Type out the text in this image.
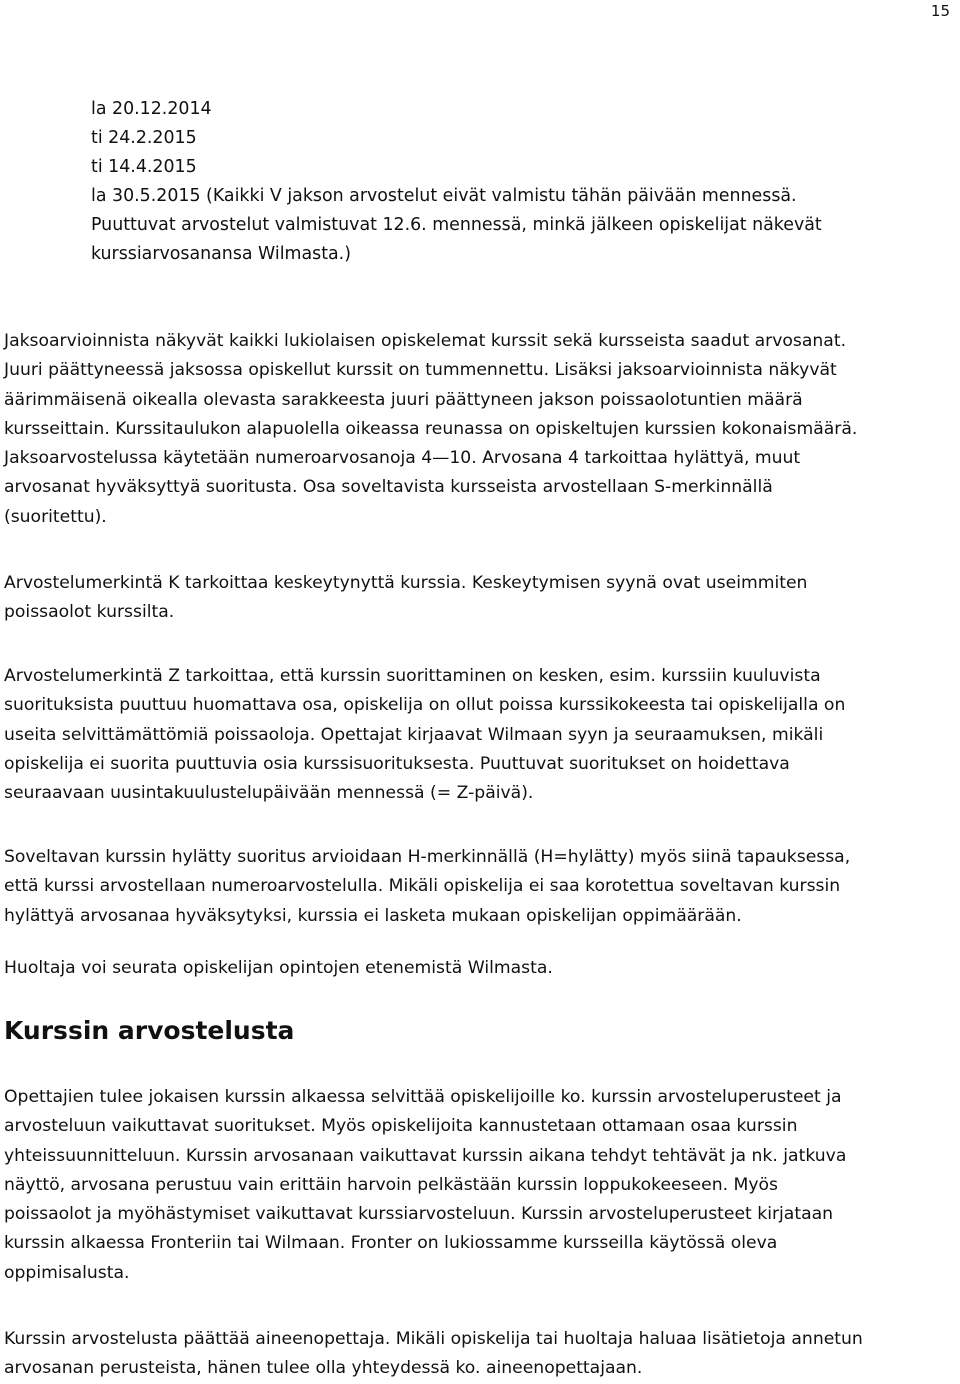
15
la 20.12.2014
ti 24.2.2015
ti 14.4.2015
la 30.5.2015 (Kaikki V jakson arvostelut eivät valmistu tähän päivään mennessä.
Puuttuvat arvostelut valmistuvat 12.6. mennessä, minkä jälkeen opiskelijat näkevät
kurssiarvosanansa Wilmasta.)
Jaksoarvioinnista näkyvät kaikki lukiolaisen opiskelemat kurssit sekä kursseista saadut arvosanat.
Juuri päättyneessä jaksossa opiskellut kurssit on tummennettu. Lisäksi jaksoarvioinnista näkyvät
äärimmäisenä oikealla olevasta sarakkeesta juuri päättyneen jakson poissaolotuntien määrä
kursseittain. Kurssitaulukon alapuolella oikeassa reunassa on opiskeltujen kurssien kokonaismäärä.
Jaksoarvostelussa käytetään numeroarvosanoja 4—10. Arvosana 4 tarkoittaa hylättyä, muut
arvosanat hyväksyttyä suoritusta. Osa soveltavista kursseista arvostellaan S-merkinnällä
(suoritettu).
Arvostelumerkintä K tarkoittaa keskeytynyttä kurssia. Keskeytymisen syynä ovat useimmiten
poissaolot kurssilta.
Arvostelumerkintä Z tarkoittaa, että kurssin suorittaminen on kesken, esim. kurssiin kuuluvista
suorituksista puuttuu huomattava osa, opiskelija on ollut poissa kurssikokeesta tai opiskelijalla on
useita selvittämättömiä poissaoloja. Opettajat kirjaavat Wilmaan syyn ja seuraamuksen, mikäli
opiskelija ei suorita puuttuvia osia kurssisuorituksesta. Puuttuvat suoritukset on hoidettava
seuraavaan uusintakuulustelupäivään mennessä (= Z-päivä).
Soveltavan kurssin hylätty suoritus arvioidaan H-merkinnällä (H=hylätty) myös siinä tapauksessa,
että kurssi arvostellaan numeroarvostelulla. Mikäli opiskelija ei saa korotettua soveltavan kurssin
hylättyä arvosanaa hyväksytyksi, kurssia ei lasketa mukaan opiskelijan oppimäärään.
Huoltaja voi seurata opiskelijan opintojen etenemistä Wilmasta.
Kurssin arvostelusta
Opettajien tulee jokaisen kurssin alkaessa selvittää opiskelijoille ko. kurssin arvosteluperusteet ja
arvosteluun vaikuttavat suoritukset. Myös opiskelijoita kannustetaan ottamaan osaa kurssin
yhteissuunnitteluun. Kurssin arvosanaan vaikuttavat kurssin aikana tehdyt tehtävät ja nk. jatkuva
näyttö, arvosana perustuu vain erittäin harvoin pelkästään kurssin loppukokeeseen. Myös
poissaolot ja myöhästymiset vaikuttavat kurssiarvosteluun. Kurssin arvosteluperusteet kirjataan
kurssin alkaessa Fronteriin tai Wilmaan. Fronter on lukiossamme kursseilla käytössä oleva
oppimisalusta.
Kurssin arvostelusta päättää aineenopettaja. Mikäli opiskelija tai huoltaja haluaa lisätietoja annetun
arvosanan perusteista, hänen tulee olla yhteydessä ko. aineenopettajaan.
